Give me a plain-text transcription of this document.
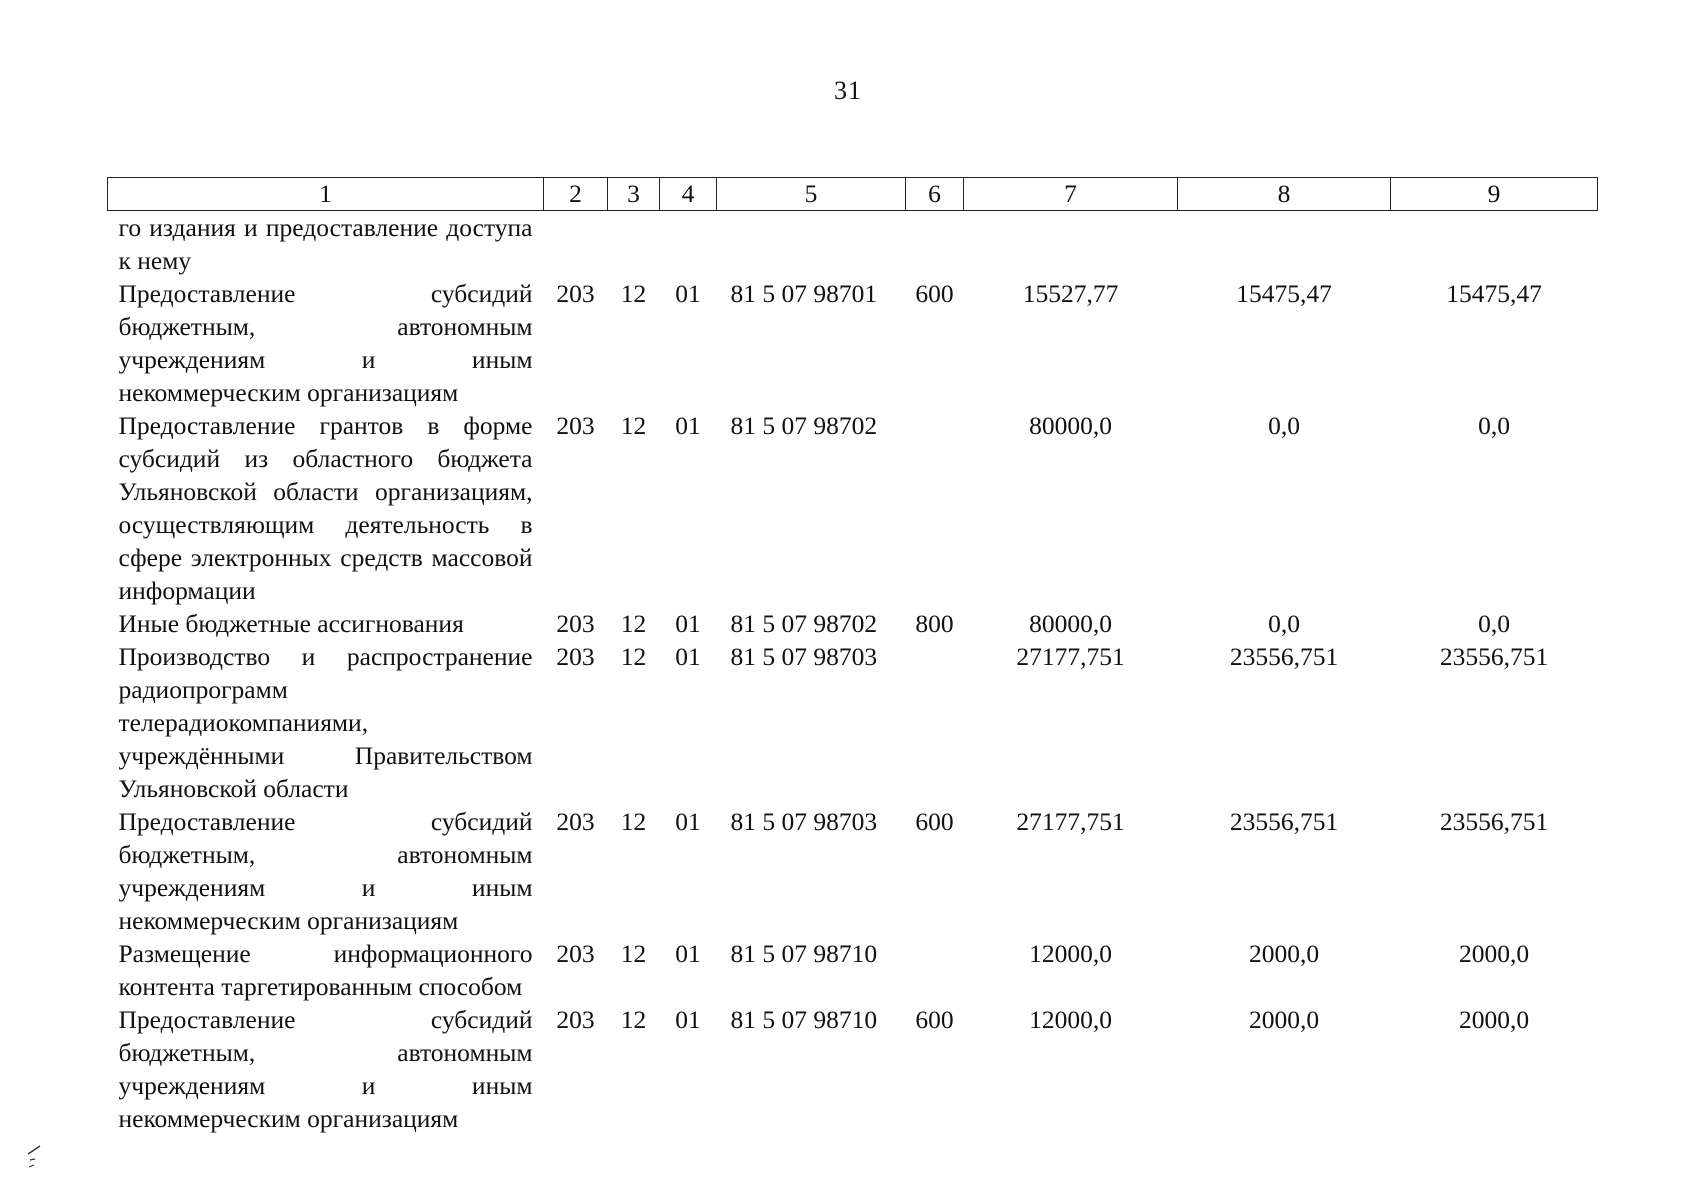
31
1	2	3	4	5	6	7	8	9
го издания и предоставление доступа к нему								
Предоставление субсидий бюджетным, автономным учреждениям и иным некоммерческим организациям	203	12	01	81 5 07 98701	600	15527,77	15475,47	15475,47
Предоставление грантов в форме субсидий из областного бюджета Ульяновской области организациям, осуществляющим деятельность в сфере электронных средств массовой информации	203	12	01	81 5 07 98702		80000,0	0,0	0,0
Иные бюджетные ассигнования	203	12	01	81 5 07 98702	800	80000,0	0,0	0,0
Производство и распространение радиопрограмм телерадиокомпаниями, учреждёнными Правительством Ульяновской области	203	12	01	81 5 07 98703		27177,751	23556,751	23556,751
Предоставление субсидий бюджетным, автономным учреждениям и иным некоммерческим организациям	203	12	01	81 5 07 98703	600	27177,751	23556,751	23556,751
Размещение информационного контента таргетированным способом	203	12	01	81 5 07 98710		12000,0	2000,0	2000,0
Предоставление субсидий бюджетным, автономным учреждениям и иным некоммерческим организациям	203	12	01	81 5 07 98710	600	12000,0	2000,0	2000,0
